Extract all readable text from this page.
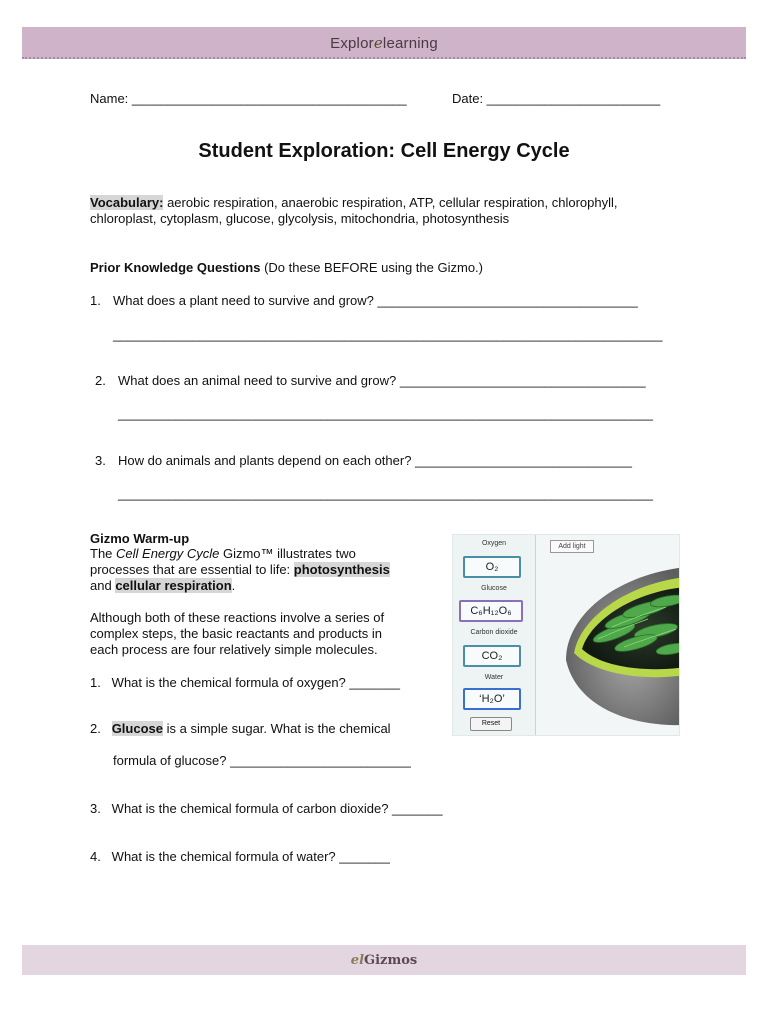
Explorelearning
Name: ______________________________________	Date: ________________________
Student Exploration: Cell Energy Cycle
Vocabulary: aerobic respiration, anaerobic respiration, ATP, cellular respiration, chlorophyll,
chloroplast, cytoplasm, glucose, glycolysis, mitochondria, photosynthesis
Prior Knowledge Questions (Do these BEFORE using the Gizmo.)
1. What does a plant need to survive and grow? ____________________________________
____________________________________________________________________________
2. What does an animal need to survive and grow? __________________________________
__________________________________________________________________________
3. How do animals and plants depend on each other? ______________________________
__________________________________________________________________________
Gizmo Warm-up
The Cell Energy Cycle Gizmo™ illustrates two
processes that are essential to life: photosynthesis
and cellular respiration.
Although both of these reactions involve a series of
complex steps, the basic reactants and products in
each process are four relatively simple molecules.
1.   What is the chemical formula of oxygen? _______
2.   Glucose is a simple sugar. What is the chemical
formula of glucose? _________________________
3.   What is the chemical formula of carbon dioxide? _______
4.   What is the chemical formula of water? _______
Oxygen
O₂
Glucose
C₆H₁₂O₆
Carbon dioxide
CO₂
Water
‘H₂O’
Reset
Add light
elGizmos
